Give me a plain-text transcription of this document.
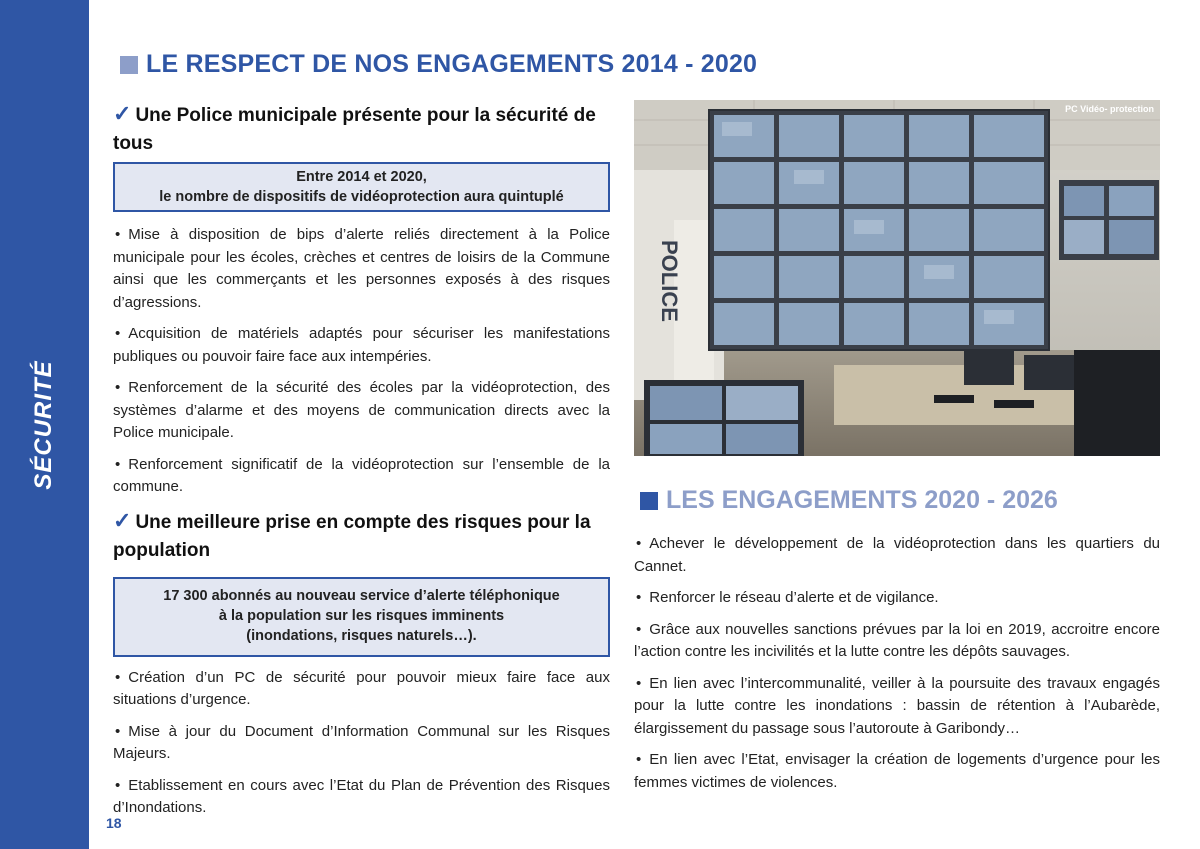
SÉCURITÉ
LE RESPECT DE NOS ENGAGEMENTS 2014 - 2020
✓ Une Police municipale présente pour la sécurité de tous
Entre 2014 et 2020,
le nombre de dispositifs de vidéoprotection aura quintuplé

• Mise à disposition de bips d’alerte reliés directement à la Police municipale pour les écoles, crèches et centres de loisirs de la Commune ainsi que les commerçants et les personnes exposés à des risques d’agressions.

• Acquisition de matériels adaptés pour sécuriser les manifestations publiques ou pouvoir faire face aux intempéries.

• Renforcement de la sécurité des écoles par la vidéoprotection, des systèmes d’alarme et des moyens de communication directs avec la Police municipale.

• Renforcement significatif de la vidéoprotection sur l’ensemble de la commune.

✓ Une meilleure prise en compte des risques pour la population
17 300 abonnés au nouveau service d’alerte téléphonique
à la population sur les risques imminents
(inondations, risques naturels…).

• Création d’un PC de sécurité pour pouvoir mieux faire face aux situations d’urgence.

• Mise à jour du Document d’Information Communal sur les Risques Majeurs.

• Etablissement en cours avec l’Etat du Plan de Prévention des Risques d’Inondations.

POLICE
PC Vidéo- protection
LES ENGAGEMENTS 2020 - 2026

• Achever le développement de la vidéoprotection dans les quartiers du Cannet.

• Renforcer le réseau d’alerte et de vigilance.

• Grâce aux nouvelles sanctions prévues par la loi en 2019, accroitre encore l’action contre les incivilités et la lutte contre les dépôts sauvages.

• En lien avec l’intercommunalité, veiller à la poursuite des travaux engagés pour la lutte contre les inondations : bassin de rétention à l’Aubarède, élargissement du passage sous l’autoroute à Garibondy…

• En lien avec l’Etat, envisager la création de logements d’urgence pour les femmes victimes de violences.

18
